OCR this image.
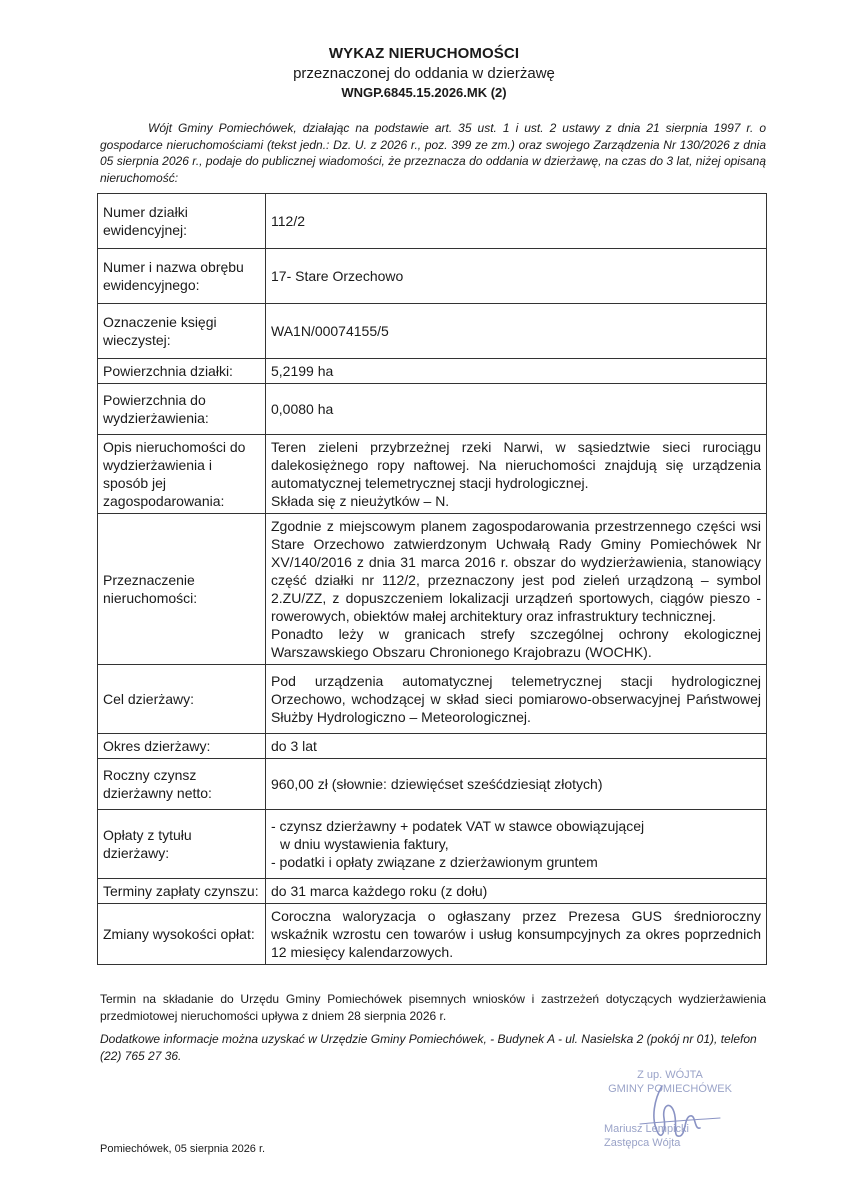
WYKAZ NIERUCHOMOŚCI
przeznaczonej do oddania w dzierżawę
WNGP.6845.15.2026.MK (2)
Wójt Gminy Pomiechówek, działając na podstawie art. 35 ust. 1 i ust. 2 ustawy z dnia 21 sierpnia 1997 r. o gospodarce nieruchomościami (tekst jedn.: Dz. U. z 2026 r., poz. 399 ze zm.) oraz swojego Zarządzenia Nr 130/2026 z dnia 05 sierpnia 2026 r., podaje do publicznej wiadomości, że przeznacza do oddania w dzierżawę, na czas do 3 lat, niżej opisaną nieruchomość:
Numer działki ewidencyjnej:	112/2

Numer i nazwa obrębu ewidencyjnego:	17- Stare Orzechowo

Oznaczenie księgi wieczystej:	WA1N/00074155/5

Powierzchnia działki:	5,2199 ha

Powierzchnia do wydzierżawienia:	0,0080 ha

Opis nieruchomości do wydzierżawienia i sposób jej zagospodarowania:	Teren zieleni przybrzeżnej rzeki Narwi, w sąsiedztwie sieci rurociągu dalekosiężnego ropy naftowej. Na nieruchomości znajdują się urządzenia automatycznej telemetrycznej stacji hydrologicznej.
Składa się z nieużytków – N.

Przeznaczenie nieruchomości:	Zgodnie z miejscowym planem zagospodarowania przestrzennego części wsi Stare Orzechowo zatwierdzonym Uchwałą Rady Gminy Pomiechówek Nr XV/140/2016 z dnia 31 marca 2016 r. obszar do wydzierżawienia, stanowiący część działki nr 112/2, przeznaczony jest pod zieleń urządzoną – symbol 2.ZU/ZZ, z dopuszczeniem lokalizacji urządzeń sportowych, ciągów pieszo - rowerowych, obiektów małej architektury oraz infrastruktury technicznej.
Ponadto leży w granicach strefy szczególnej ochrony ekologicznej Warszawskiego Obszaru Chronionego Krajobrazu (WOCHK).

Cel dzierżawy:	Pod urządzenia automatycznej telemetrycznej stacji hydrologicznej Orzechowo, wchodzącej w skład sieci pomiarowo-obserwacyjnej Państwowej Służby Hydrologiczno – Meteorologicznej.

Okres dzierżawy:	do 3 lat

Roczny czynsz dzierżawny netto:	960,00 zł (słownie: dziewięćset sześćdziesiąt złotych)

Opłaty z tytułu dzierżawy:	- czynsz dzierżawny + podatek VAT w stawce obowiązującej
w dniu wystawienia faktury,
- podatki i opłaty związane z dzierżawionym gruntem

Terminy zapłaty czynszu:	do 31 marca każdego roku (z dołu)

Zmiany wysokości opłat:	Coroczna waloryzacja o ogłaszany przez Prezesa GUS średnioroczny wskaźnik wzrostu cen towarów i usług konsumpcyjnych za okres poprzednich 12 miesięcy kalendarzowych.
Termin na składanie do Urzędu Gminy Pomiechówek pisemnych wniosków i zastrzeżeń dotyczących wydzierżawienia przedmiotowej nieruchomości upływa z dniem 28 sierpnia 2026 r.
Dodatkowe informacje można uzyskać w Urzędzie Gminy Pomiechówek, - Budynek A - ul. Nasielska 2 (pokój nr 01), telefon (22) 765 27 36.
Pomiechówek, 05 sierpnia 2026 r.
Z up. WÓJTA
GMINY POMIECHÓWEK
Mariusz Lempicki
Zastępca Wójta
